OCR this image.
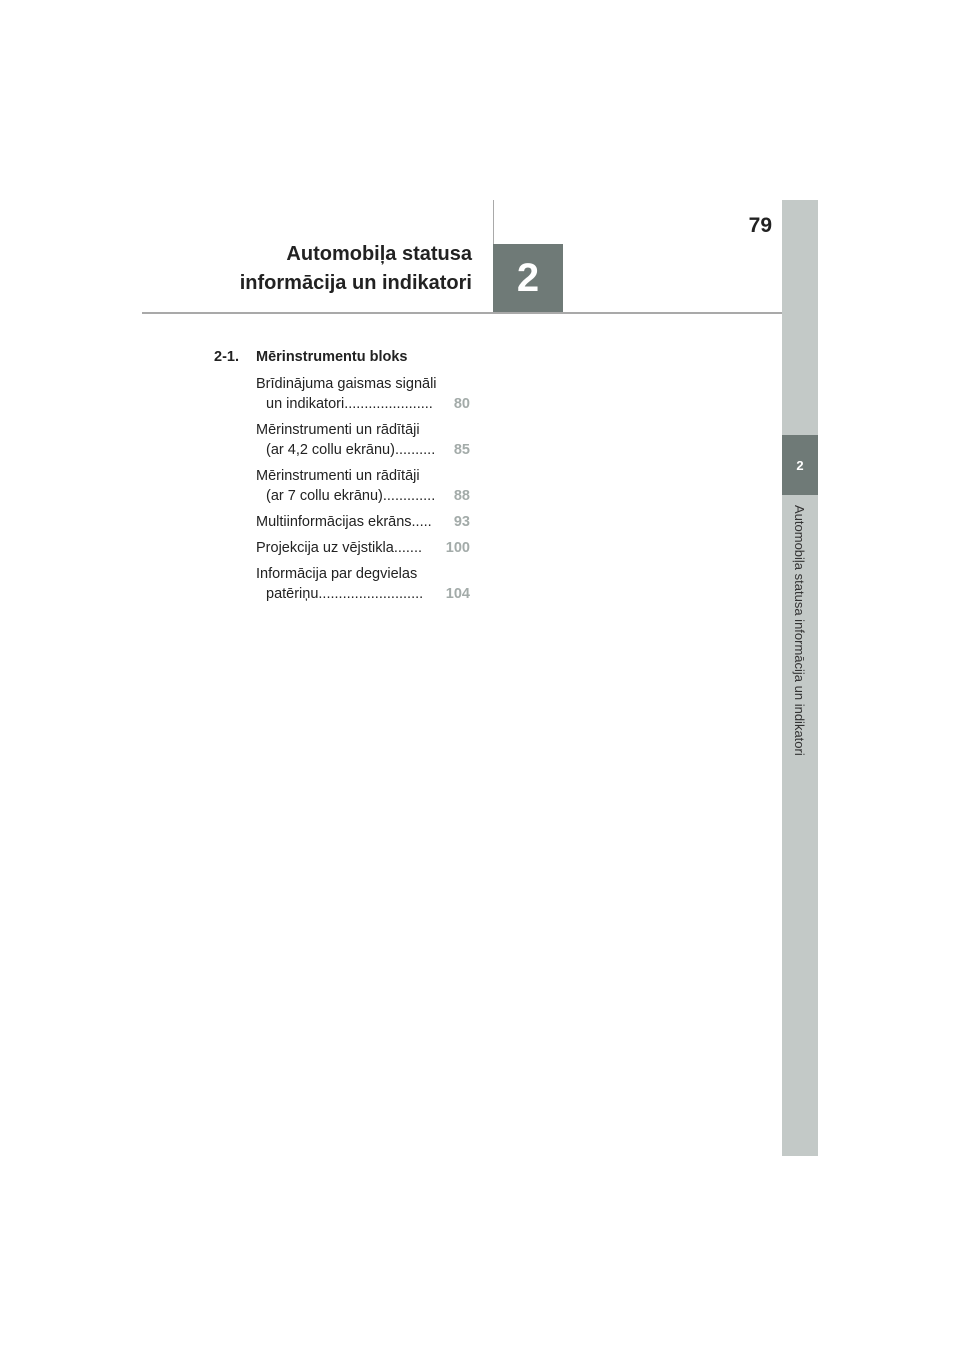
79
Automobiļa statusa
informācija un indikatori	2
2
Automobiļa statusa informācija un indikatori
2-1. Mērinstrumentu bloks
Brīdinājuma gaismas signāli
un indikatori ......................	80
Mērinstrumenti un rādītāji
(ar 4,2 collu ekrānu) ..........	85
Mērinstrumenti un rādītāji
(ar 7 collu ekrānu) .............	88
Multiinformācijas ekrāns .....	93
Projekcija uz vējstikla .......	100
Informācija par degvielas
patēriņu ..........................	104
